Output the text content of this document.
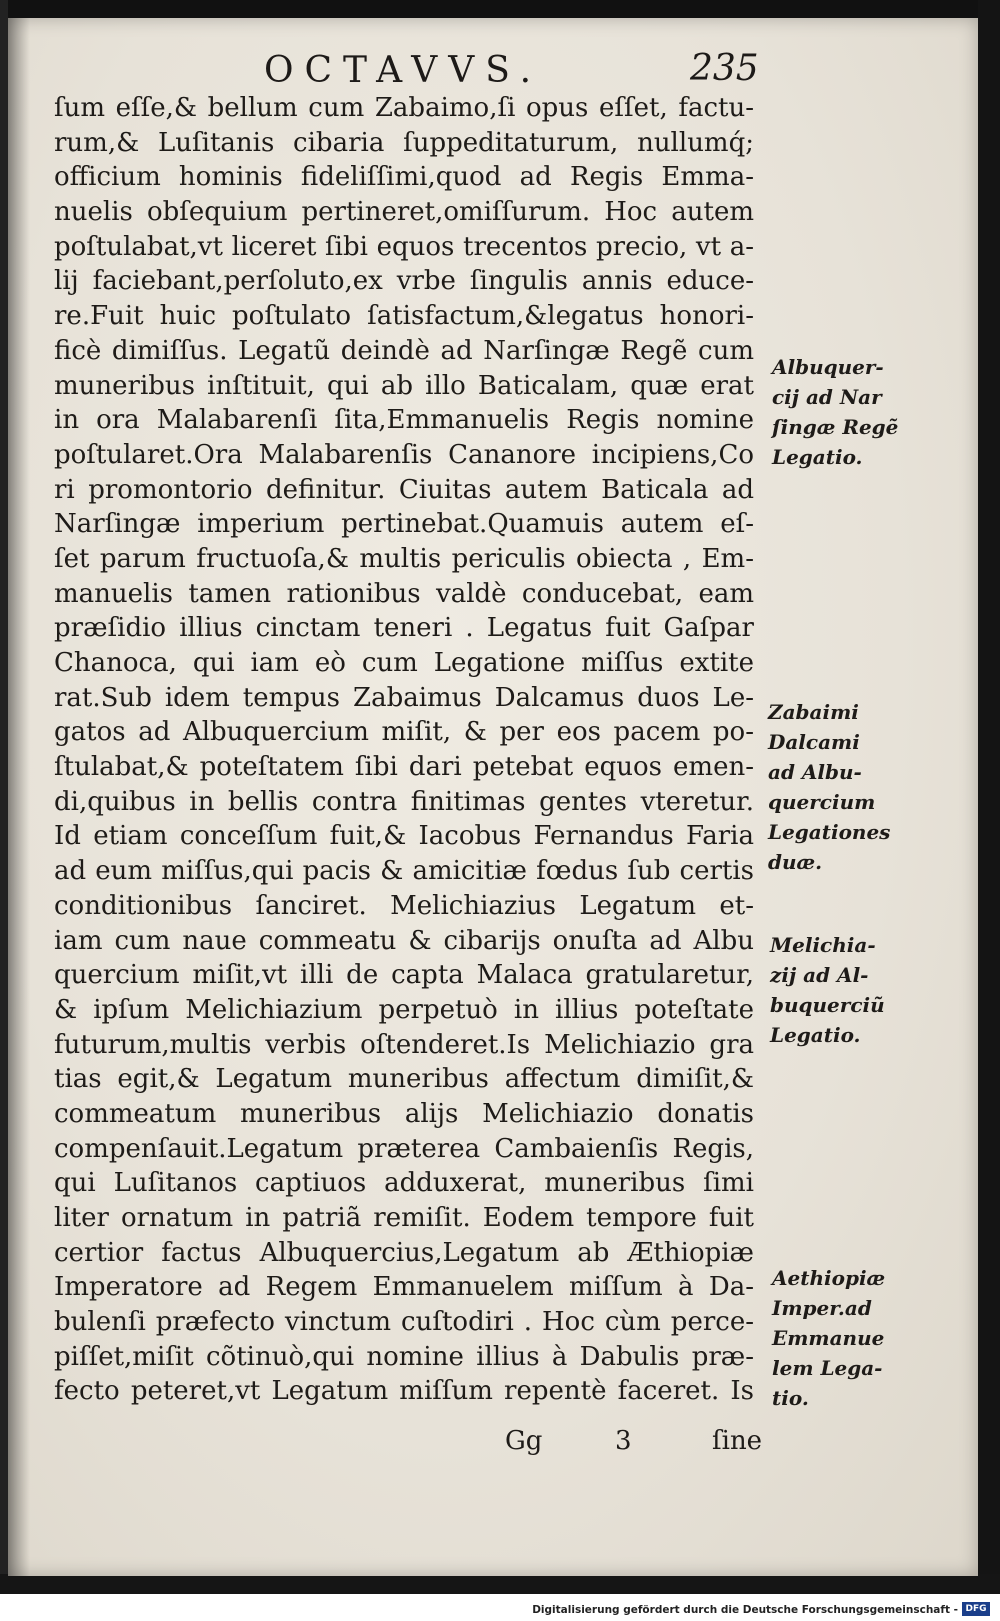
OCTAVVS.	235
ſum eſſe,& bellum cum Zabaimo,ſi opus eſſet, factu-
rum,& Luſitanis cibaria ſuppeditaturum, nullumq́;
officium hominis fideliſſimi,quod ad Regis Emma-
nuelis obſequium pertineret,omiſſurum. Hoc autem
poſtulabat,vt liceret ſibi equos trecentos precio, vt a-
lij faciebant,perſoluto,ex vrbe ſingulis annis educe-
re.Fuit huic poſtulato ſatisfactum,&legatus honori-
ficè dimiſſus. Legatũ deindè ad Narſingæ Regẽ cum
muneribus inſtituit, qui ab illo Baticalam, quæ erat
in ora Malabarenſi ſita,Emmanuelis Regis nomine
poſtularet.Ora Malabarenſis Cananore incipiens,Co
ri promontorio definitur. Ciuitas autem Baticala ad
Narſingæ imperium pertinebat.Quamuis autem eſ-
ſet parum fructuoſa,& multis periculis obiecta , Em-
manuelis tamen rationibus valdè conducebat, eam
præſidio illius cinctam teneri . Legatus fuit Gaſpar
Chanoca, qui iam eò cum Legatione miſſus extite
rat.Sub idem tempus Zabaimus Dalcamus duos Le-
gatos ad Albuquercium miſit, & per eos pacem po-
ſtulabat,& poteſtatem ſibi dari petebat equos emen-
di,quibus in bellis contra finitimas gentes vteretur.
Id etiam conceſſum fuit,& Iacobus Fernandus Faria
ad eum miſſus,qui pacis & amicitiæ fœdus ſub certis
conditionibus ſanciret. Melichiazius Legatum et-
iam cum naue commeatu & cibarijs onuſta ad Albu
quercium miſit,vt illi de capta Malaca gratularetur,
& ipſum Melichiazium perpetuò in illius poteſtate
futurum,multis verbis oſtenderet.Is Melichiazio gra
tias egit,& Legatum muneribus affectum dimiſit,&
commeatum muneribus alijs Melichiazio donatis
compenſauit.Legatum præterea Cambaienſis Regis,
qui Luſitanos captiuos adduxerat, muneribus ſimi
liter ornatum in patriã remiſit. Eodem tempore fuit
certior factus Albuquercius,Legatum ab Æthiopiæ
Imperatore ad Regem Emmanuelem miſſum à Da-
bulenſi præfecto vinctum cuſtodiri . Hoc cùm perce-
piſſet,miſit cõtinuò,qui nomine illius à Dabulis præ-
fecto peteret,vt Legatum miſſum repentè faceret. Is
Albuquer-
cij ad Nar
ſingæ Regẽ
Legatio.
Zabaimi
Dalcami
ad Albu-
quercium
Legationes
duæ.
Melichia-
zij ad Al-
buquerciũ
Legatio.
Aethiopiæ
Imper.ad
Emmanue
lem Lega-
tio.
Gg	3	ſine
Digitalisierung gefördert durch die Deutsche Forschungsgemeinschaft - DFG
